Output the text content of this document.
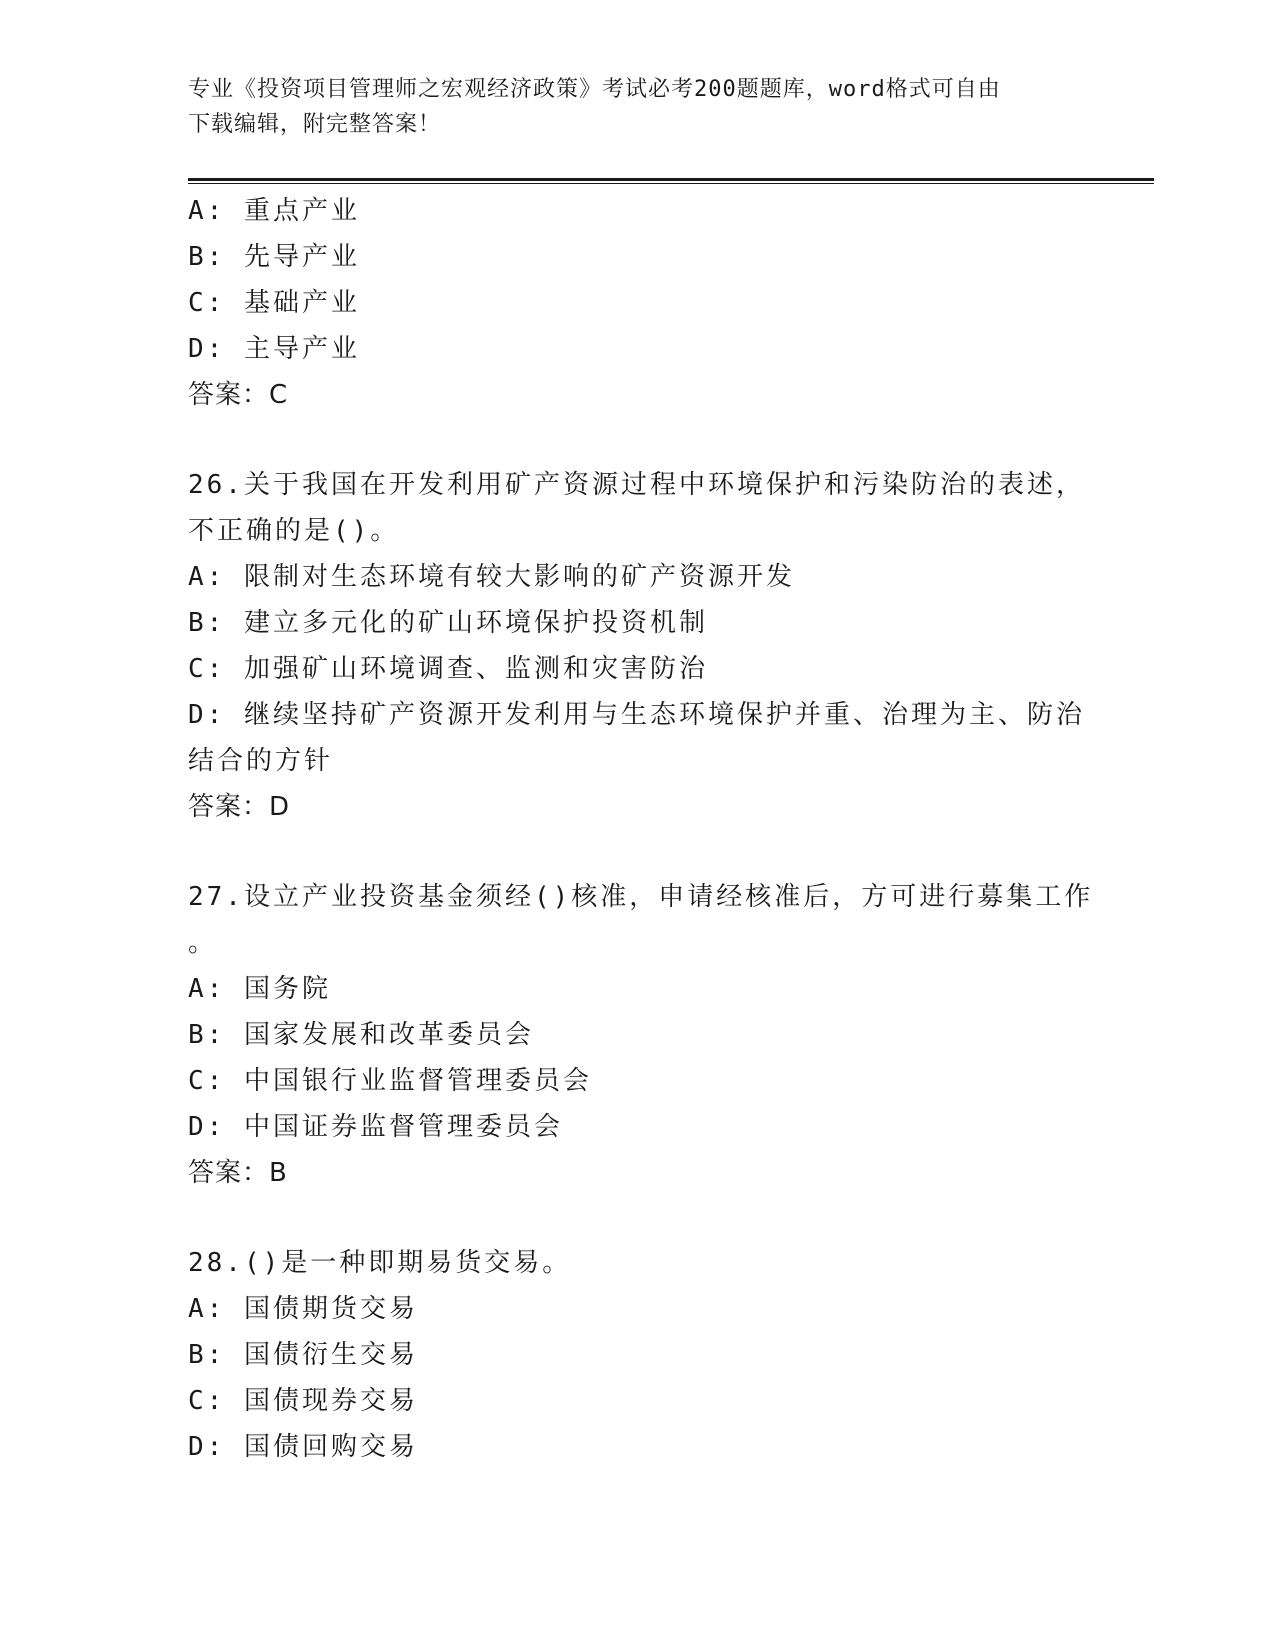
专业《投资项目管理师之宏观经济政策》考试必考200题题库，word格式可自由
下载编辑，附完整答案！
A: 重点产业
B: 先导产业
C: 基础产业
D: 主导产业
答案：C
26.关于我国在开发利用矿产资源过程中环境保护和污染防治的表述，
不正确的是()。
A: 限制对生态环境有较大影响的矿产资源开发
B: 建立多元化的矿山环境保护投资机制
C: 加强矿山环境调查、监测和灾害防治
D: 继续坚持矿产资源开发利用与生态环境保护并重、治理为主、防治
结合的方针
答案：D
27.设立产业投资基金须经()核准，申请经核准后，方可进行募集工作
。
A: 国务院
B: 国家发展和改革委员会
C: 中国银行业监督管理委员会
D: 中国证券监督管理委员会
答案：B
28.()是一种即期易货交易。
A: 国债期货交易
B: 国债衍生交易
C: 国债现券交易
D: 国债回购交易
